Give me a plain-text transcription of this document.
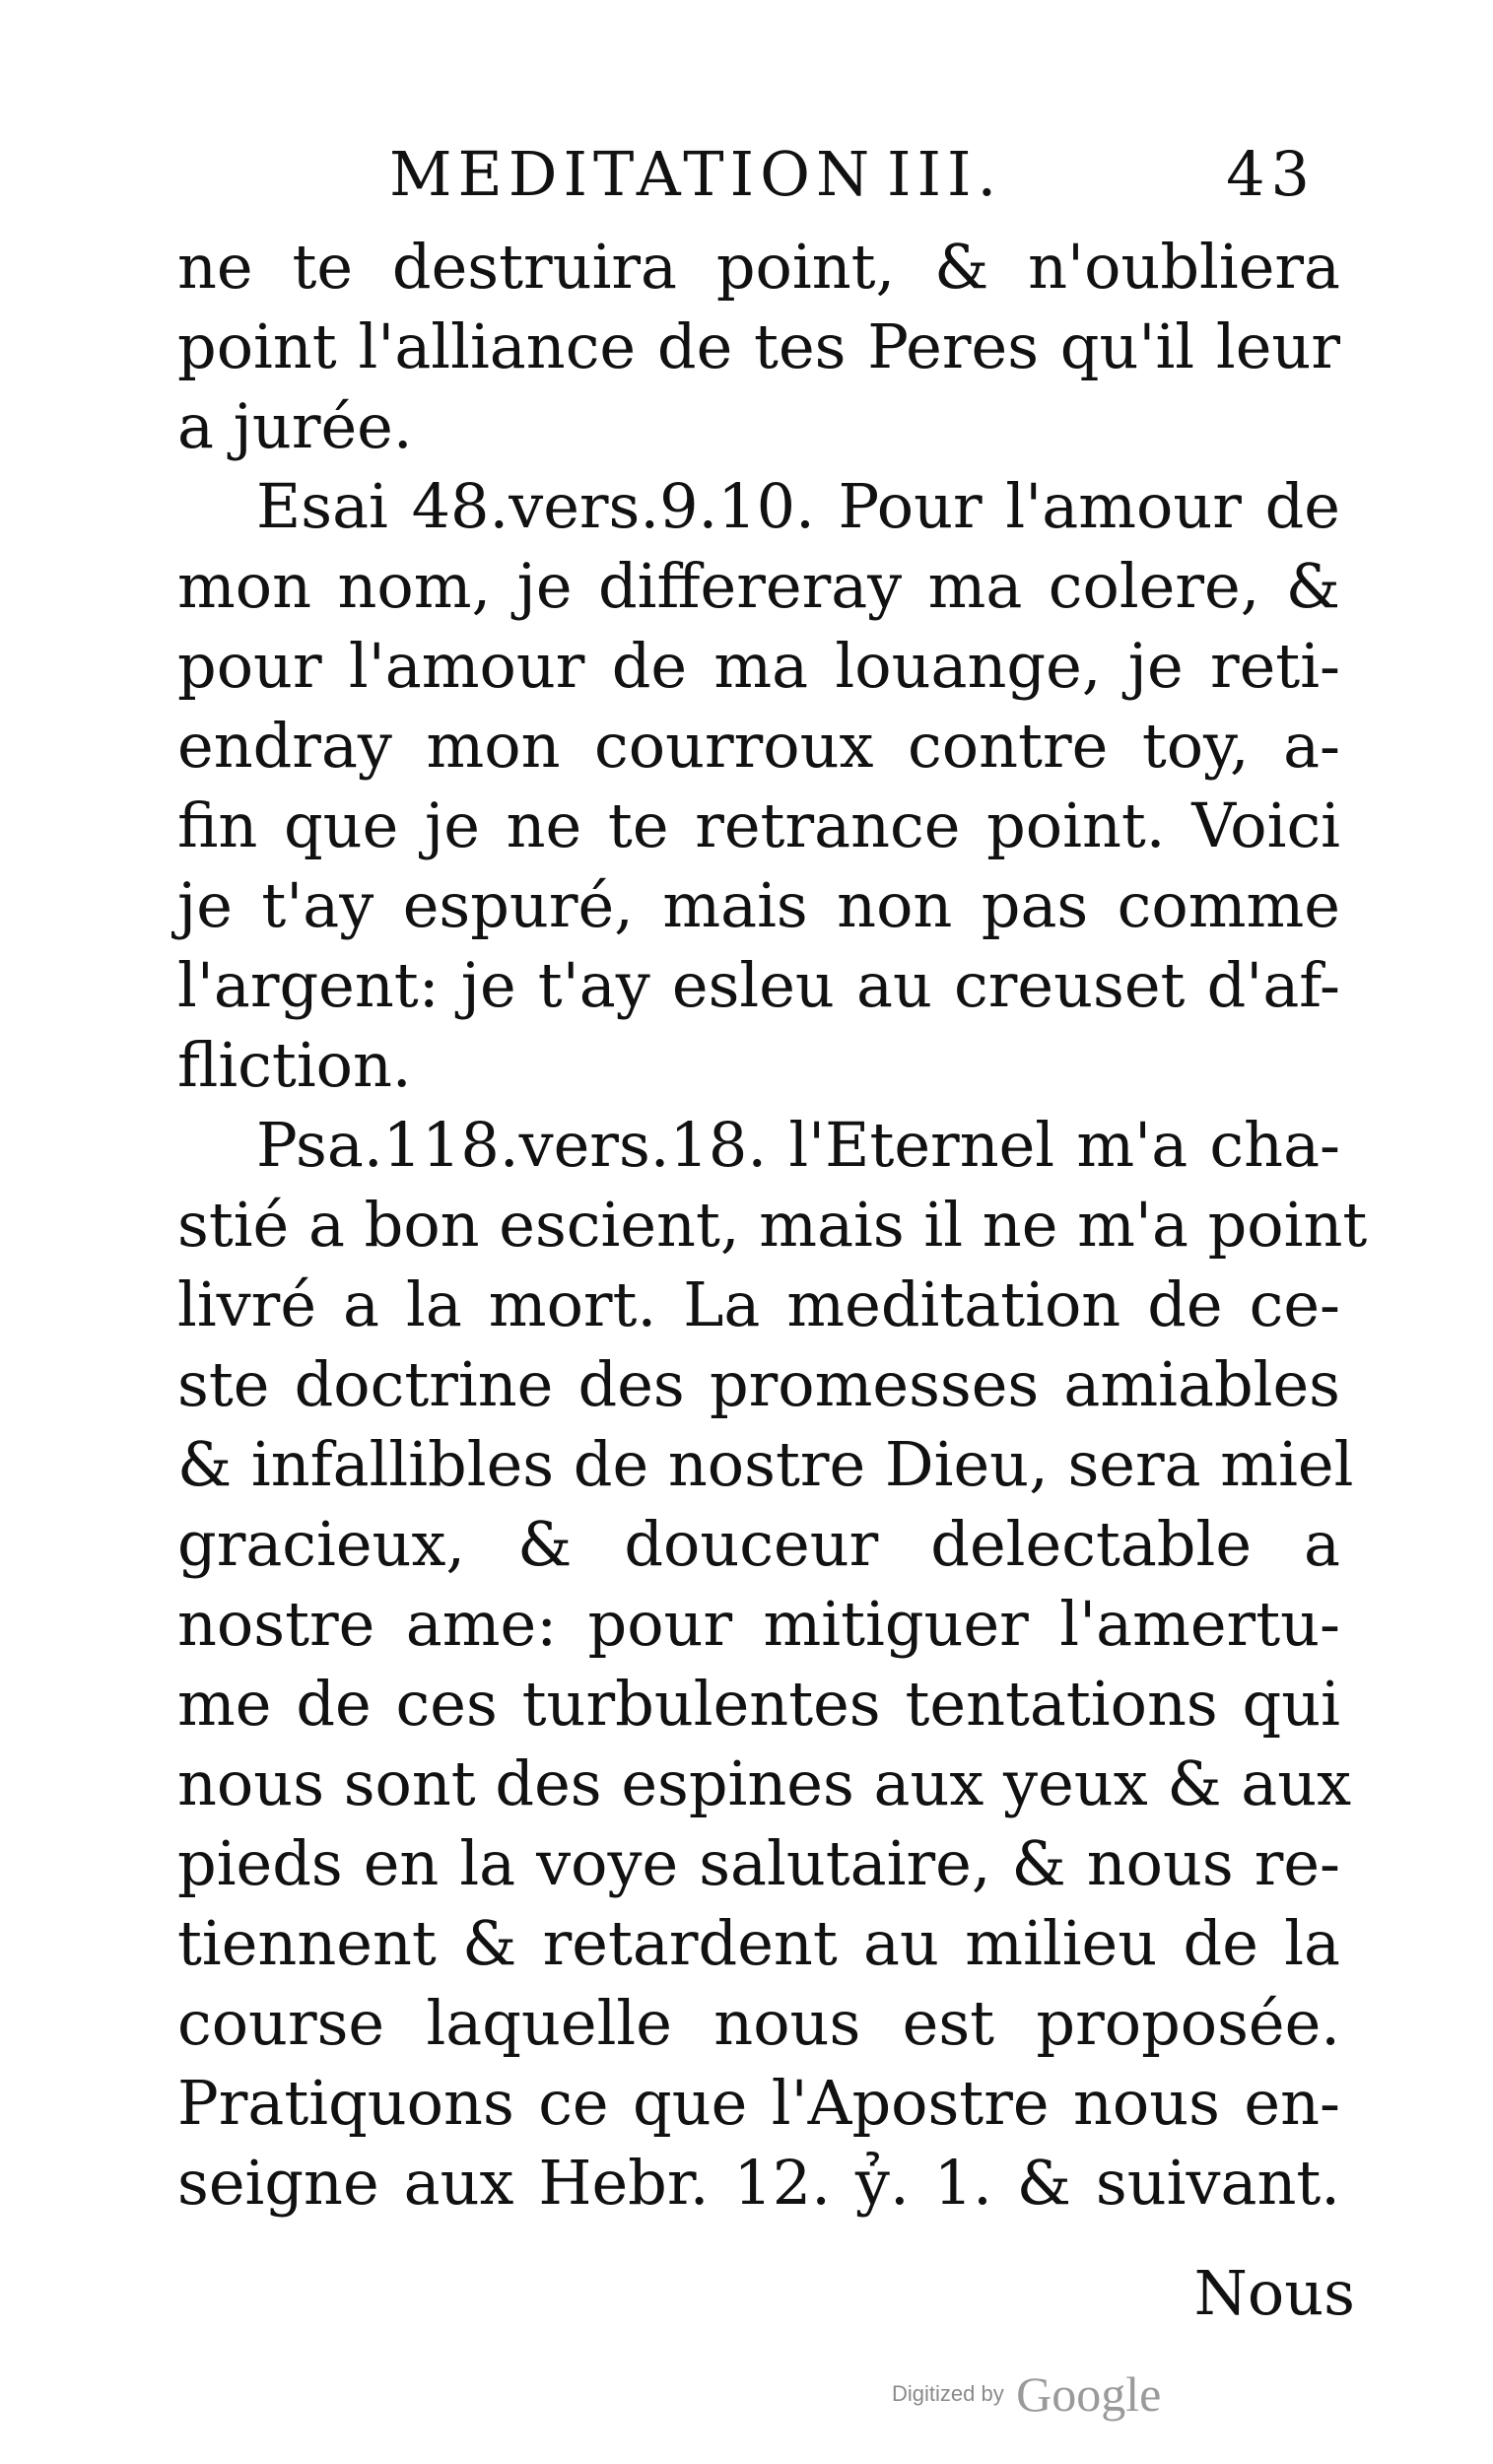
MEDITATION III.	43
ne te destruira point, & n'oubliera
point l'alliance de tes Peres qu'il leur
a jurée.
Esai 48.vers.9.10. Pour l'amour de
mon nom, je differeray ma colere, &
pour l'amour de ma louange, je reti-
endray mon courroux contre toy, a-
fin que je ne te retrance point. Voici
je t'ay espuré, mais non pas comme
l'argent: je t'ay esleu au creuset d'af-
fliction.
Psa.118.vers.18. l'Eternel m'a cha-
stié a bon escient, mais il ne m'a point
livré a la mort. La meditation de ce-
ste doctrine des promesses amiables
& infallibles de nostre Dieu, sera miel
gracieux, & douceur delectable a
nostre ame: pour mitiguer l'amertu-
me de ces turbulentes tentations qui
nous sont des espines aux yeux & aux
pieds en la voye salutaire, & nous re-
tiennent & retardent au milieu de la
course laquelle nous est proposée.
Pratiquons ce que l'Apostre nous en-
seigne aux Hebr. 12. ỷ. 1. & suivant.
Nous
Digitized by Google
